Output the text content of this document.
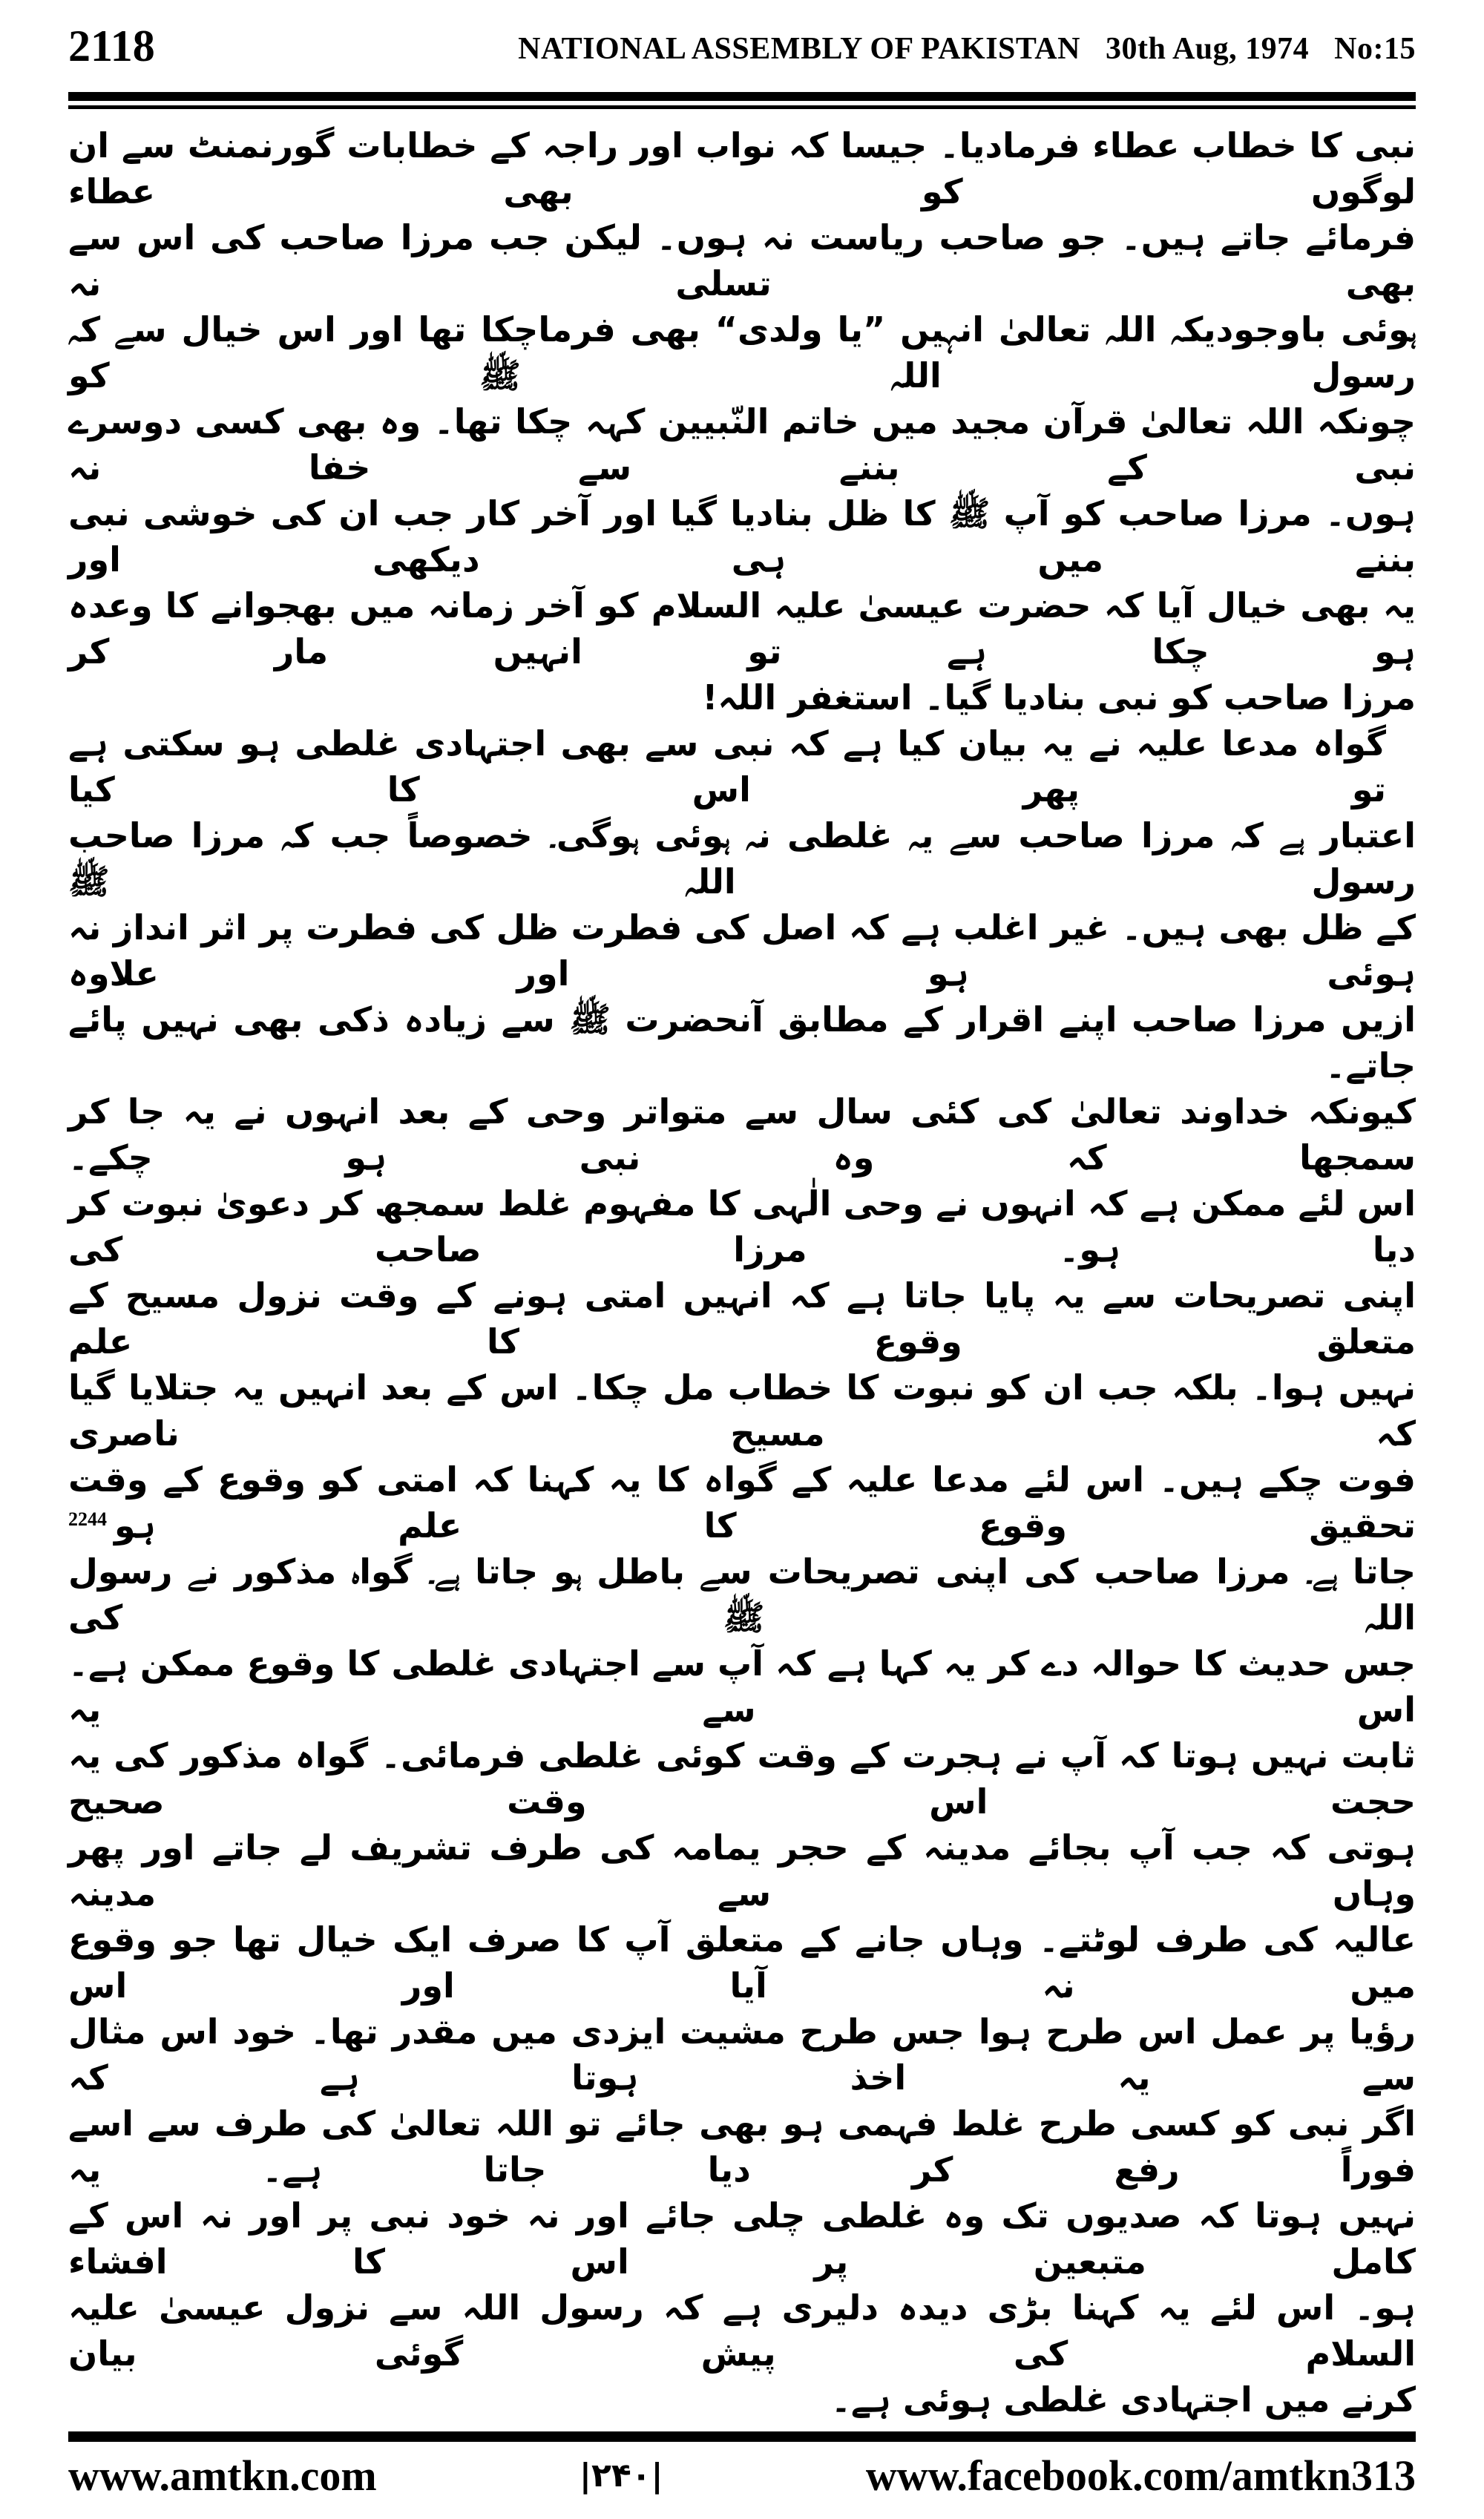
2118	NATIONAL ASSEMBLY OF PAKISTAN 30th Aug, 1974 No:15
نبی کا خطاب عطاء فرمادیا۔ جیسا کہ نواب اور راجہ کے خطابات گورنمنٹ سے ان لوگوں کو بھی عطاء
فرمائے جاتے ہیں۔ جو صاحب ریاست نہ ہوں۔ لیکن جب مرزا صاحب کی اس سے بھی تسلی نہ
ہوئی باوجودیکہ اللہ تعالیٰ انہیں ”یا ولدی“ بھی فرماچکا تھا اور اس خیال سے کہ رسول اللہ ﷺ کو
چونکہ اللہ تعالیٰ قرآن مجید میں خاتم النّبیین کہہ چکا تھا۔ وہ بھی کسی دوسرے نبی کے بننے سے خفا نہ
ہوں۔ مرزا صاحب کو آپ ﷺ کا ظل بنادیا گیا اور آخر کار جب ان کی خوشی نبی بننے میں ہی دیکھی اور
یہ بھی خیال آیا کہ حضرت عیسیٰ علیہ السلام کو آخر زمانہ میں بھجوانے کا وعدہ ہو چکا ہے تو انہیں مار کر
مرزا صاحب کو نبی بنادیا گیا۔ استغفر اللہ!
گواہ مدعا علیہ نے یہ بیان کیا ہے کہ نبی سے بھی اجتہادی غلطی ہو سکتی ہے تو پھر اس کا کیا
اعتبار ہے کہ مرزا صاحب سے یہ غلطی نہ ہوئی ہوگی۔ خصوصاً جب کہ مرزا صاحب رسول اللہ ﷺ
کے ظل بھی ہیں۔ غیر اغلب ہے کہ اصل کی فطرت ظل کی فطرت پر اثر انداز نہ ہوئی ہو اور علاوہ
ازیں مرزا صاحب اپنے اقرار کے مطابق آنحضرت ﷺ سے زیادہ ذکی بھی نہیں پائے جاتے۔
کیونکہ خداوند تعالیٰ کی کئی سال سے متواتر وحی کے بعد انہوں نے یہ جا کر سمجھا کہ وہ نبی ہو چکے۔
اس لئے ممکن ہے کہ انہوں نے وحی الٰہی کا مفہوم غلط سمجھ کر دعویٰ نبوت کر دیا ہو۔ مرزا صاحب کی
اپنی تصریحات سے یہ پایا جاتا ہے کہ انہیں امتی ہونے کے وقت نزول مسیح کے متعلق وقوع کا علم
نہیں ہوا۔ بلکہ جب ان کو نبوت کا خطاب مل چکا۔ اس کے بعد انہیں یہ جتلایا گیا کہ مسیح ناصری
فوت چکے ہیں۔ اس لئے مدعا علیہ کے گواہ کا یہ کہنا کہ امتی کو وقوع کے وقت تحقیق وقوع کا علم ہو2244
جاتا ہے۔ مرزا صاحب کی اپنی تصریحات سے باطل ہو جاتا ہے۔ گواہ مذکور نے رسول اللہ ﷺ کی
جس حدیث کا حوالہ دے کر یہ کہا ہے کہ آپ سے اجتہادی غلطی کا وقوع ممکن ہے۔ اس سے یہ
ثابت نہیں ہوتا کہ آپ نے ہجرت کے وقت کوئی غلطی فرمائی۔ گواہ مذکور کی یہ حجت اس وقت صحیح
ہوتی کہ جب آپ بجائے مدینہ کے حجر یمامہ کی طرف تشریف لے جاتے اور پھر وہاں سے مدینہ
عالیہ کی طرف لوٹتے۔ وہاں جانے کے متعلق آپ کا صرف ایک خیال تھا جو وقوع میں نہ آیا اور اس
رؤیا پر عمل اس طرح ہوا جس طرح مشیت ایزدی میں مقدر تھا۔ خود اس مثال سے یہ اخذ ہوتا ہے کہ
اگر نبی کو کسی طرح غلط فہمی ہو بھی جائے تو اللہ تعالیٰ کی طرف سے اسے فوراً رفع کر دیا جاتا ہے۔ یہ
نہیں ہوتا کہ صدیوں تک وہ غلطی چلی جائے اور نہ خود نبی پر اور نہ اس کے کامل متبعین پر اس کا افشاء
ہو۔ اس لئے یہ کہنا بڑی دیدہ دلیری ہے کہ رسول اللہ سے نزول عیسیٰ علیہ السلام کی پیش گوئی بیان
کرنے میں اجتہادی غلطی ہوئی ہے۔
www.amtkn.com	|۲۴۰|	www.facebook.com/amtkn313
